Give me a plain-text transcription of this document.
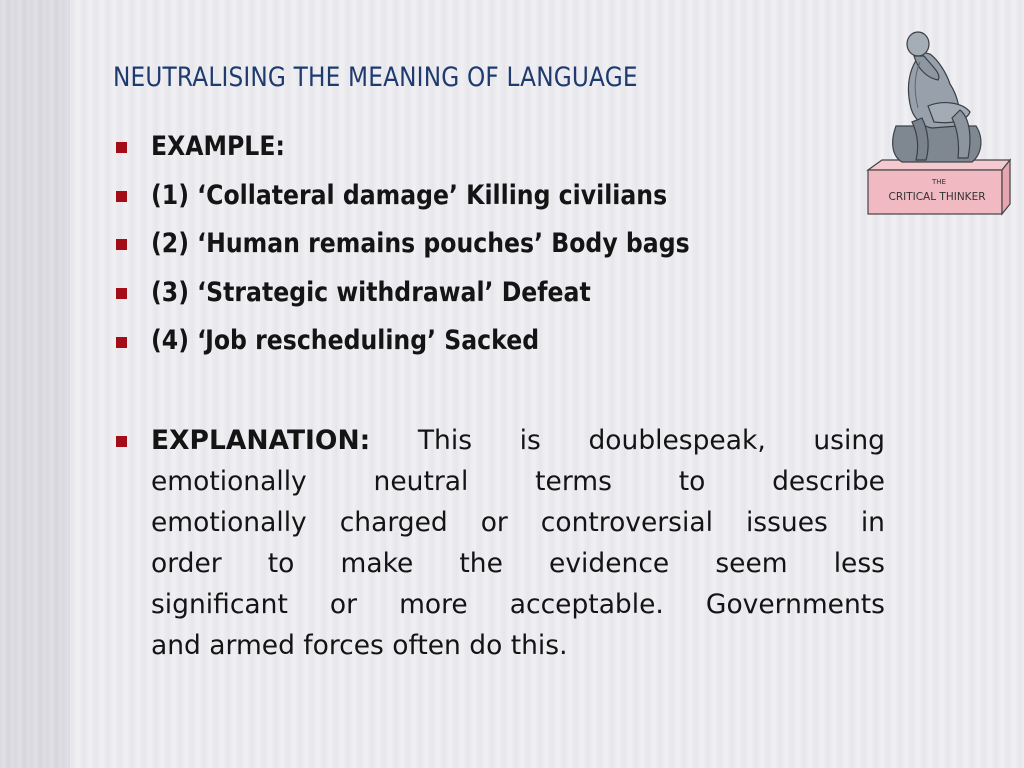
NEUTRALISING THE MEANING OF LANGUAGE

EXAMPLE:

(1) ‘Collateral damage’ Killing civilians

(2) ‘Human remains pouches’ Body bags

(3) ‘Strategic withdrawal’ Defeat

(4) ‘Job rescheduling’ Sacked

EXPLANATION: This is doublespeak, using
emotionally	neutral	terms	to	describe
emotionally charged or controversial issues in
order to make the evidence seem less
significant or more acceptable. Governments
and armed forces often do this.
THE
CRITICAL THINKER
